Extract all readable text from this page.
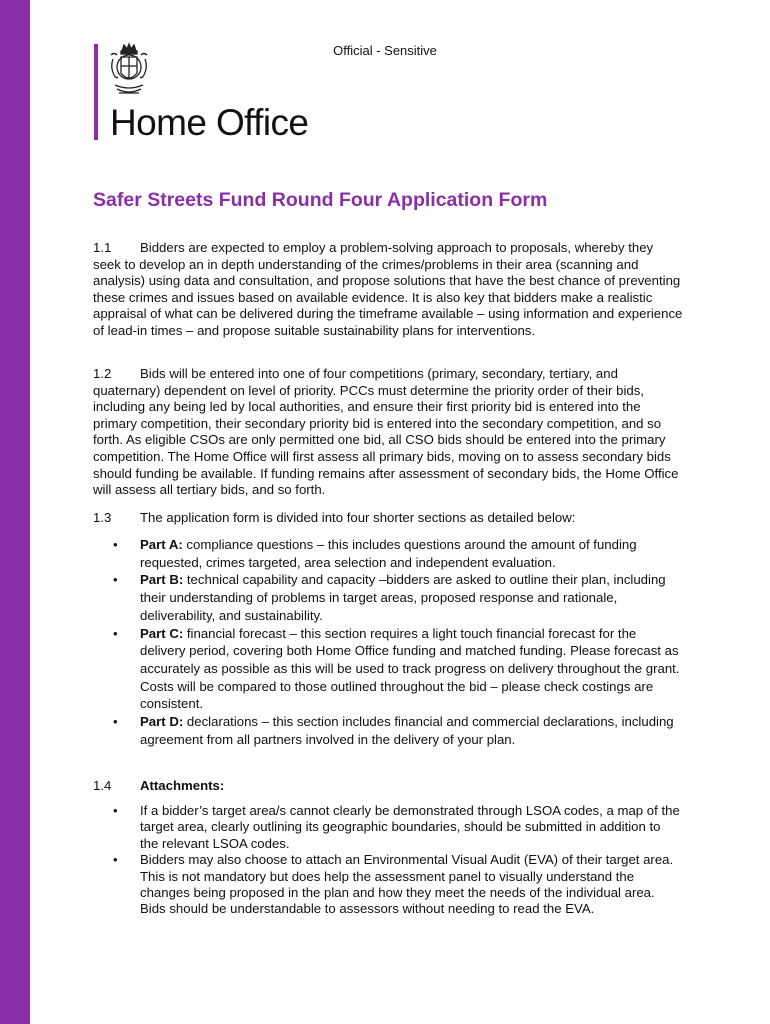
Home Office
Official - Sensitive
Safer Streets Fund Round Four Application Form

1.1 Bidders are expected to employ a problem-solving approach to proposals, whereby they seek to develop an in depth understanding of the crimes/problems in their area (scanning and analysis) using data and consultation, and propose solutions that have the best chance of preventing these crimes and issues based on available evidence. It is also key that bidders make a realistic appraisal of what can be delivered during the timeframe available – using information and experience of lead-in times – and propose suitable sustainability plans for interventions.

1.2 Bids will be entered into one of four competitions (primary, secondary, tertiary, and quaternary) dependent on level of priority. PCCs must determine the priority order of their bids, including any being led by local authorities, and ensure their first priority bid is entered into the primary competition, their secondary priority bid is entered into the secondary competition, and so forth. As eligible CSOs are only permitted one bid, all CSO bids should be entered into the primary competition. The Home Office will first assess all primary bids, moving on to assess secondary bids should funding be available. If funding remains after assessment of secondary bids, the Home Office will assess all tertiary bids, and so forth.

1.3 The application form is divided into four shorter sections as detailed below:

• Part A: compliance questions – this includes questions around the amount of funding requested, crimes targeted, area selection and independent evaluation.
• Part B: technical capability and capacity –bidders are asked to outline their plan, including their understanding of problems in target areas, proposed response and rationale, deliverability, and sustainability.
• Part C: financial forecast – this section requires a light touch financial forecast for the delivery period, covering both Home Office funding and matched funding. Please forecast as accurately as possible as this will be used to track progress on delivery throughout the grant. Costs will be compared to those outlined throughout the bid – please check costings are consistent.
• Part D: declarations – this section includes financial and commercial declarations, including agreement from all partners involved in the delivery of your plan.
1.4 Attachments:
• If a bidder’s target area/s cannot clearly be demonstrated through LSOA codes, a map of the target area, clearly outlining its geographic boundaries, should be submitted in addition to the relevant LSOA codes.
• Bidders may also choose to attach an Environmental Visual Audit (EVA) of their target area. This is not mandatory but does help the assessment panel to visually understand the changes being proposed in the plan and how they meet the needs of the individual area. Bids should be understandable to assessors without needing to read the EVA.
